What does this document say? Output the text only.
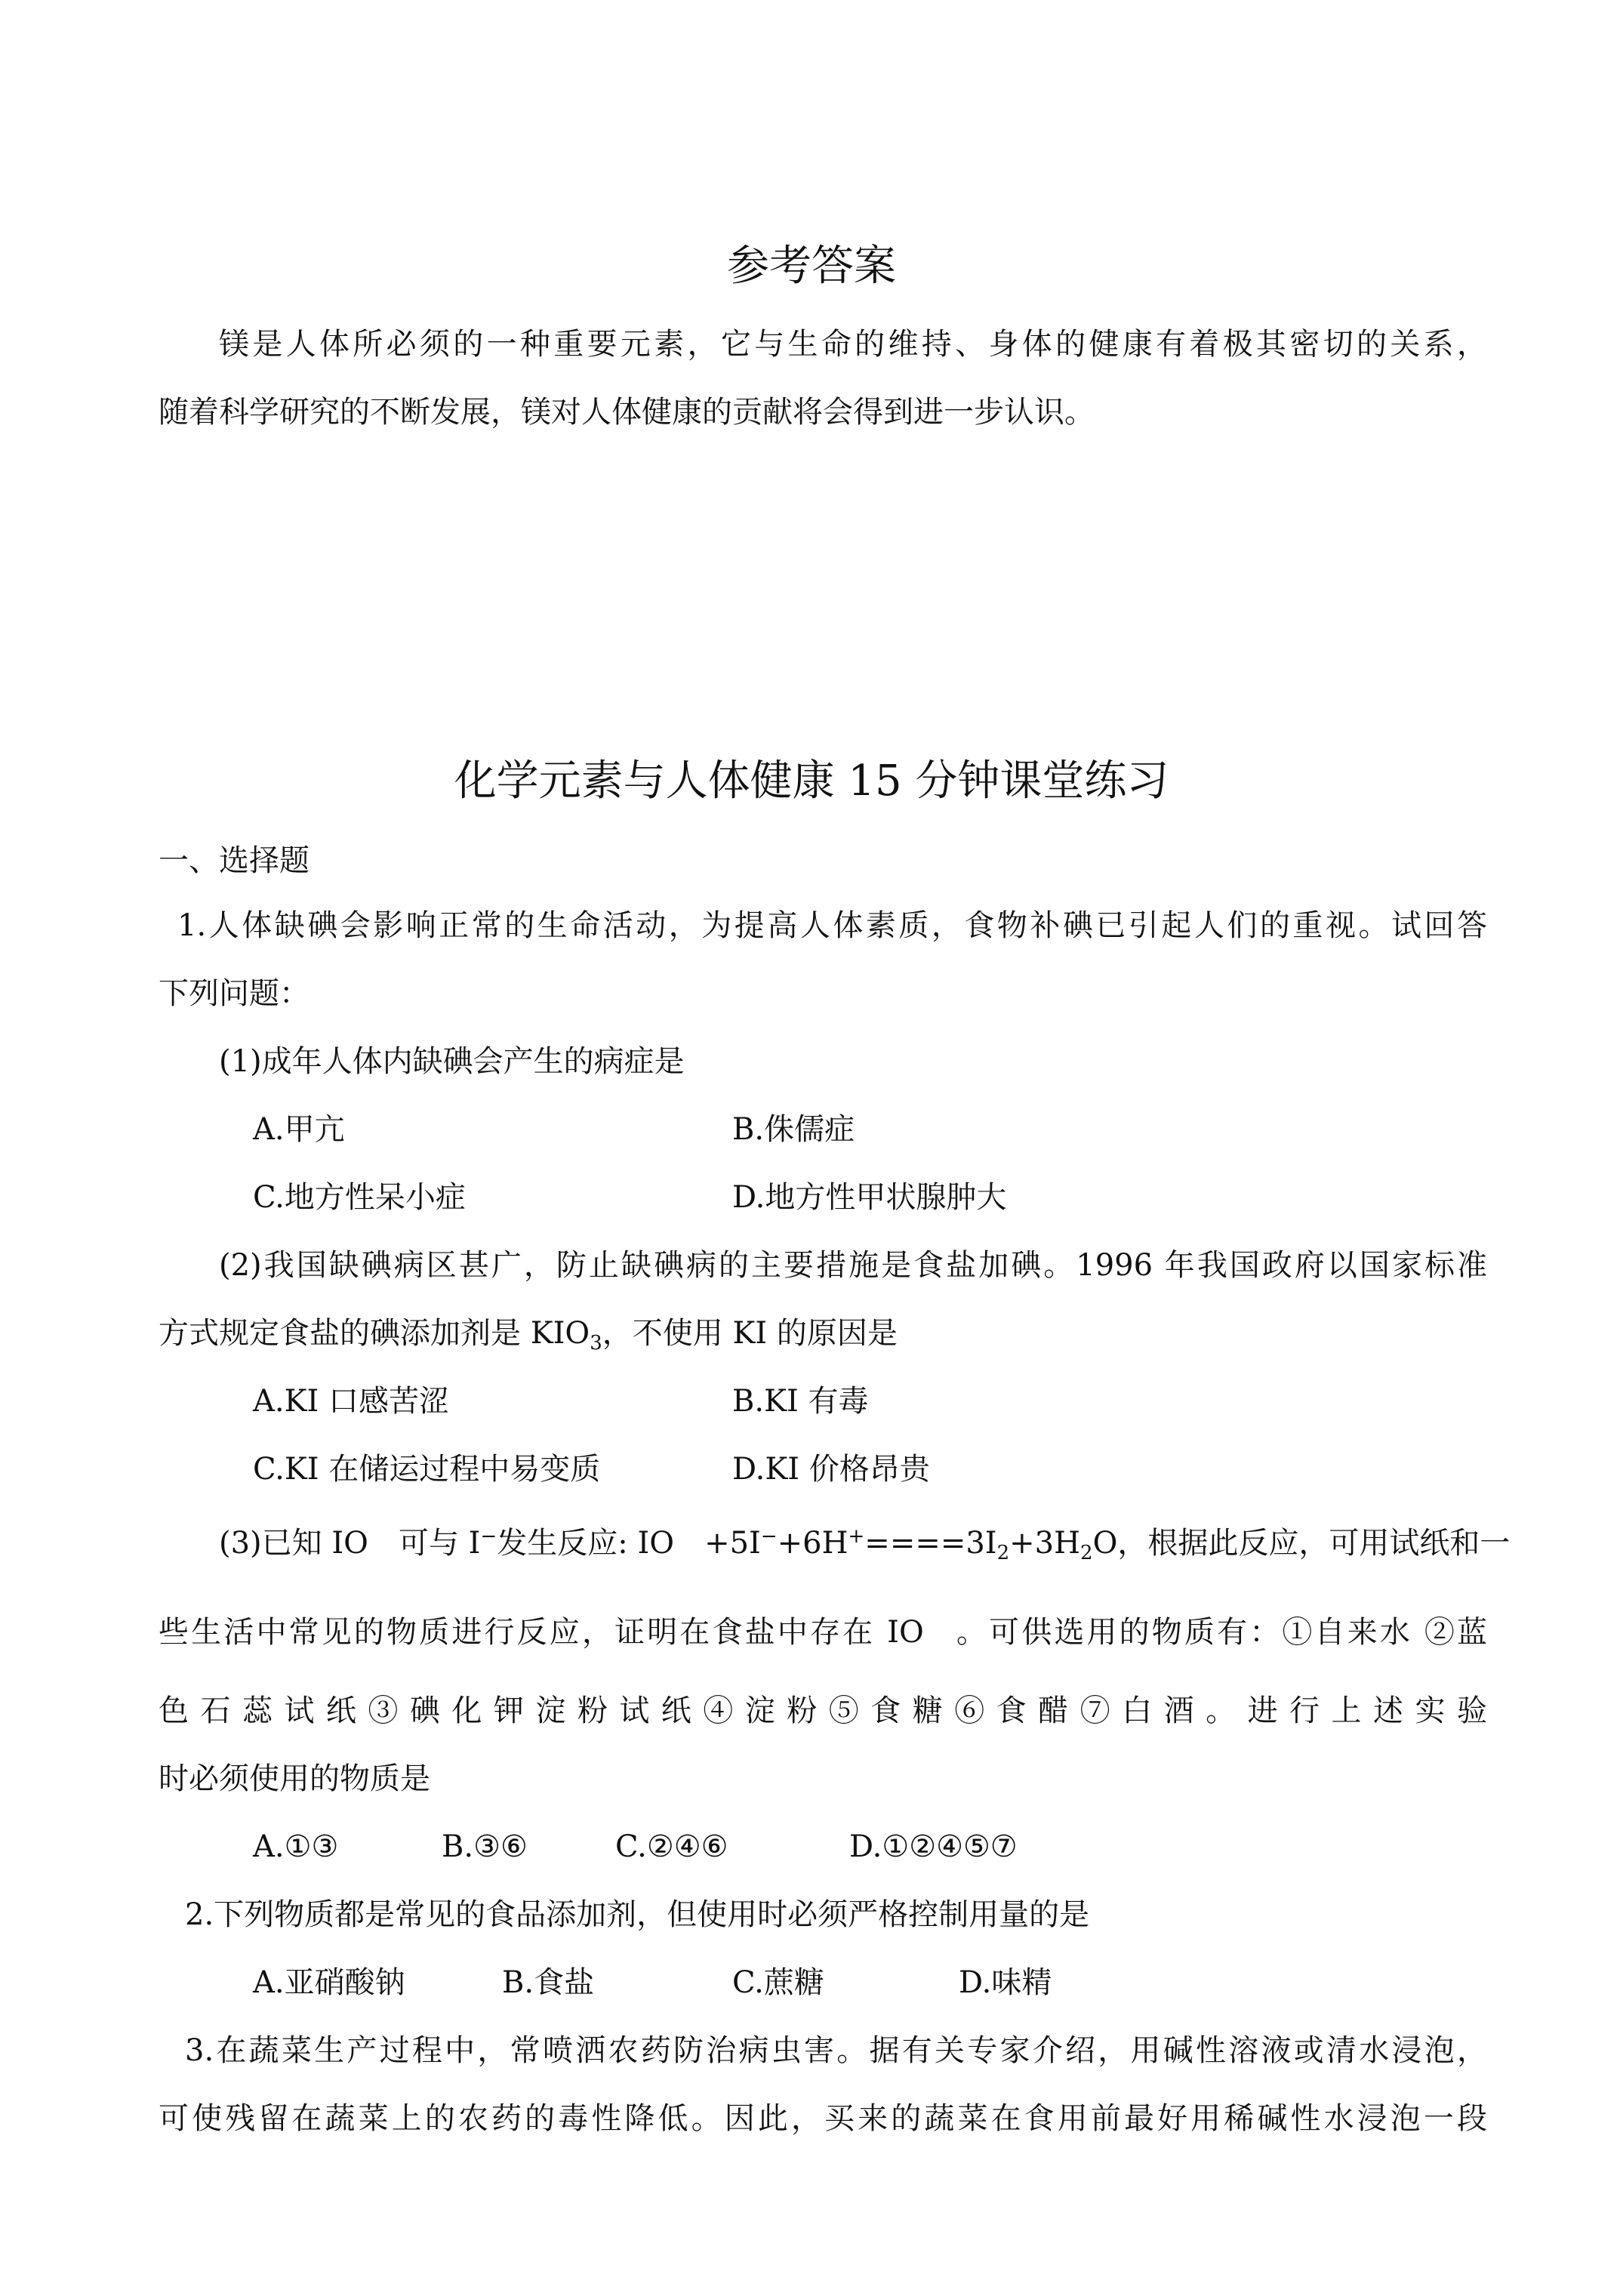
参考答案
镁是人体所必须的一种重要元素，它与生命的维持、身体的健康有着极其密切的关系，
随着科学研究的不断发展，镁对人体健康的贡献将会得到进一步认识。
化学元素与人体健康 15 分钟课堂练习
一、选择题
1.人体缺碘会影响正常的生命活动，为提高人体素质，食物补碘已引起人们的重视。试回答
下列问题：
(1)成年人体内缺碘会产生的病症是
A.甲亢	B.侏儒症
C.地方性呆小症	D.地方性甲状腺肿大
(2)我国缺碘病区甚广，防止缺碘病的主要措施是食盐加碘。1996 年我国政府以国家标准
方式规定食盐的碘添加剂是 $KIO_3$，不使用 KI 的原因是
A.KI 口感苦涩	B.KI 有毒
C.KI 在储运过程中易变质	D.KI 价格昂贵
(3)已知 IO  可与 I−发生反应: IO  $+5I^-+6H^+====3I_2+3H_2O$，根据此反应，可用试纸和一
些生活中常见的物质进行反应，证明在食盐中存在 IO  。可供选用的物质有：①自来水 ②蓝
色石蕊试纸③碘化钾淀粉试纸④淀粉⑤食糖⑥食醋⑦白酒。进行上述实验
时必须使用的物质是
A.①③	B.③⑥	C.②④⑥	D.①②④⑤⑦
2.下列物质都是常见的食品添加剂，但使用时必须严格控制用量的是
A.亚硝酸钠	B.食盐	C.蔗糖	D.味精
3.在蔬菜生产过程中，常喷洒农药防治病虫害。据有关专家介绍，用碱性溶液或清水浸泡，
可使残留在蔬菜上的农药的毒性降低。因此，买来的蔬菜在食用前最好用稀碱性水浸泡一段
